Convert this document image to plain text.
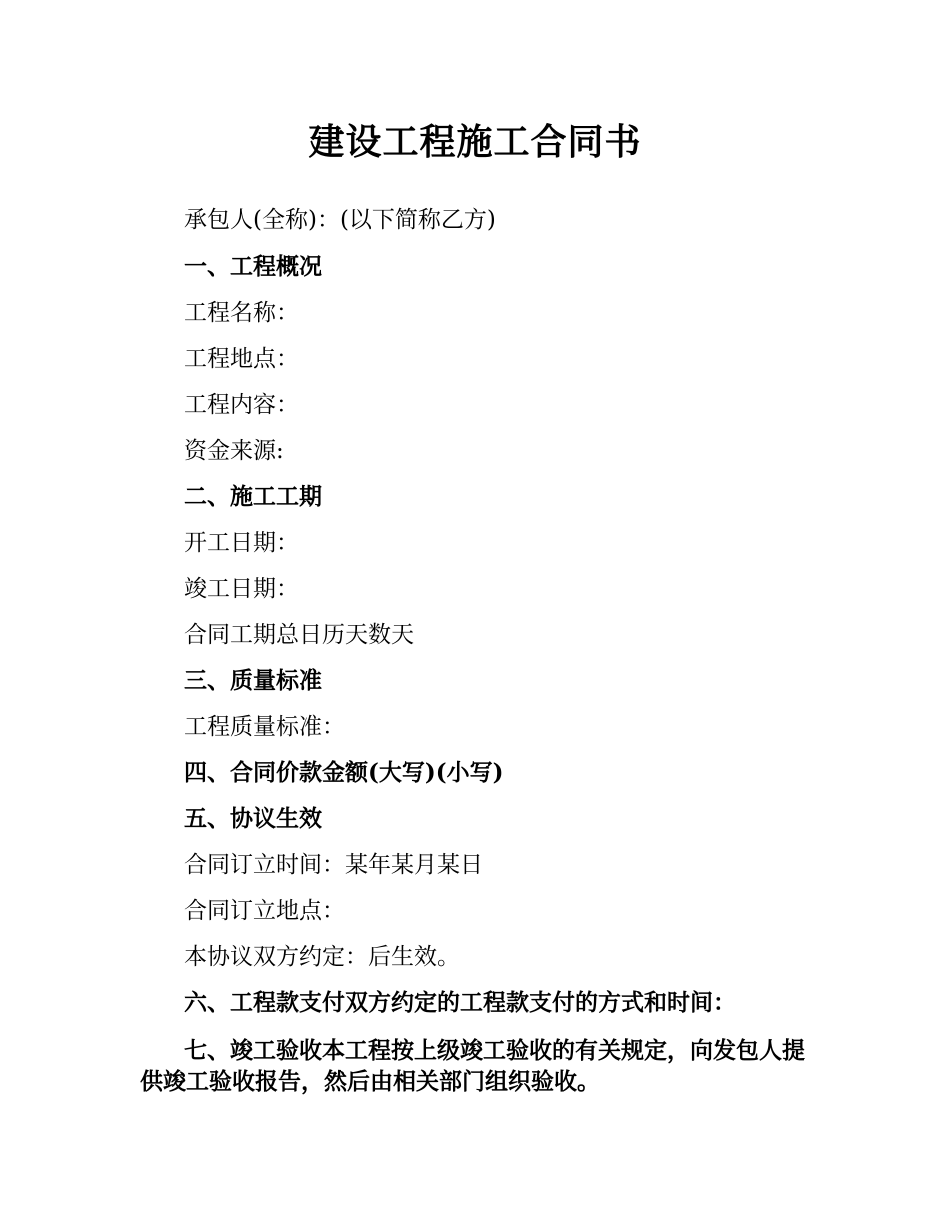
建设工程施工合同书
承包人(全称)：(以下简称乙方)
一、工程概况
工程名称：
工程地点：
工程内容：
资金来源:
二、施工工期
开工日期：
竣工日期：
合同工期总日历天数天
三、质量标准
工程质量标准：
四、合同价款金额(大写)(小写)
五、协议生效
合同订立时间：某年某月某日
合同订立地点：
本协议双方约定：后生效。
六、工程款支付双方约定的工程款支付的方式和时间：
七、竣工验收本工程按上级竣工验收的有关规定，向发包人提供竣工验收报告，然后由相关部门组织验收。
